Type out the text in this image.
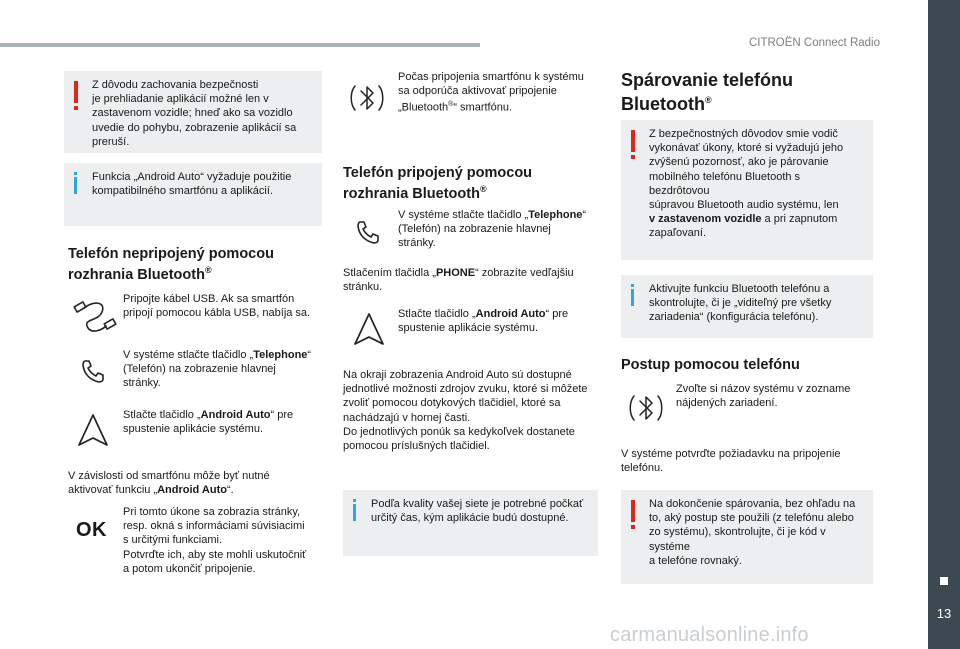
CITROËN Connect Radio
13
carmanualsonline.info
Z dôvodu zachovania bezpečnosti
je prehliadanie aplikácií možné len v
zastavenom vozidle; hneď ako sa vozidlo
uvedie do pohybu, zobrazenie aplikácií sa
preruší.
Funkcia „Android Auto“ vyžaduje použitie
kompatibilného smartfónu a aplikácií.
Telefón nepripojený pomocou
rozhrania Bluetooth®
Pripojte kábel USB. Ak sa smartfón
pripojí pomocou kábla USB, nabíja sa.
V systéme stlačte tlačidlo „Telephone“
(Telefón) na zobrazenie hlavnej
stránky.
Stlačte tlačidlo „Android Auto“ pre
spustenie aplikácie systému.
V závislosti od smartfónu môže byť nutné
aktivovať funkciu „Android Auto“.
OK
Pri tomto úkone sa zobrazia stránky,
resp. okná s informáciami súvisiacimi
s určitými funkciami.
Potvrďte ich, aby ste mohli uskutočniť
a potom ukončiť pripojenie.
Počas pripojenia smartfónu k systému
sa odporúča aktivovať pripojenie
„Bluetooth®“ smartfónu.
Telefón pripojený pomocou
rozhrania Bluetooth®
V systéme stlačte tlačidlo „Telephone“
(Telefón) na zobrazenie hlavnej
stránky.
Stlačením tlačidla „PHONE“ zobrazíte vedľajšiu
stránku.
Stlačte tlačidlo „Android Auto“ pre
spustenie aplikácie systému.
Na okraji zobrazenia Android Auto sú dostupné
jednotlivé možnosti zdrojov zvuku, ktoré si môžete
zvoliť pomocou dotykových tlačidiel, ktoré sa
nachádzajú v hornej časti.
Do jednotlivých ponúk sa kedykoľvek dostanete
pomocou príslušných tlačidiel.
Podľa kvality vašej siete je potrebné počkať
určitý čas, kým aplikácie budú dostupné.
Spárovanie telefónu
Bluetooth®
Z bezpečnostných dôvodov smie vodič
vykonávať úkony, ktoré si vyžadujú jeho
zvýšenú pozornosť, ako je párovanie
mobilného telefónu Bluetooth s bezdrôtovou
súpravou Bluetooth audio systému, len
v zastavenom vozidle a pri zapnutom
zapaľovaní.
Aktivujte funkciu Bluetooth telefónu a
skontrolujte, či je „viditeľný pre všetky
zariadenia“ (konfigurácia telefónu).
Postup pomocou telefónu
Zvoľte si názov systému v zozname
nájdených zariadení.
V systéme potvrďte požiadavku na pripojenie
telefónu.
Na dokončenie spárovania, bez ohľadu na
to, aký postup ste použili (z telefónu alebo
zo systému), skontrolujte, či je kód v systéme
a telefóne rovnaký.
